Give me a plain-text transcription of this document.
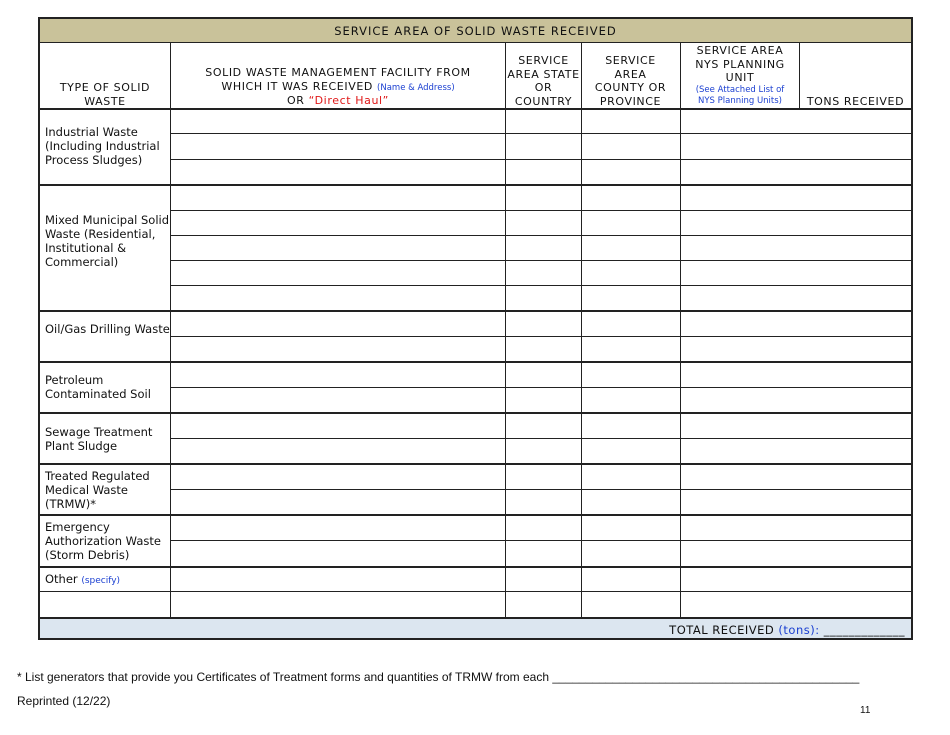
SERVICE AREA OF SOLID WASTE RECEIVED
TYPE OF SOLID WASTE
SOLID WASTE MANAGEMENT FACILITY FROM
WHICH IT WAS RECEIVED (Name & Address)
OR “Direct Haul”
SERVICE AREA STATE OR COUNTRY
SERVICE AREA COUNTY OR PROVINCE
SERVICE AREA NYS PLANNING UNIT
(See Attached List of NYS Planning Units)	TONS RECEIVED
Industrial Waste (Including Industrial Process Sludges)
Mixed Municipal Solid Waste (Residential, Institutional & Commercial)
Oil/Gas Drilling Waste
Petroleum Contaminated Soil
Sewage Treatment Plant Sludge
Treated Regulated Medical Waste (TRMW)*
Emergency Authorization Waste (Storm Debris)
Other (specify)
TOTAL RECEIVED (tons): _____________
* List generators that provide you Certificates of Treatment forms and quantities of TRMW from each ______________________________________________
Reprinted (12/22)
11
